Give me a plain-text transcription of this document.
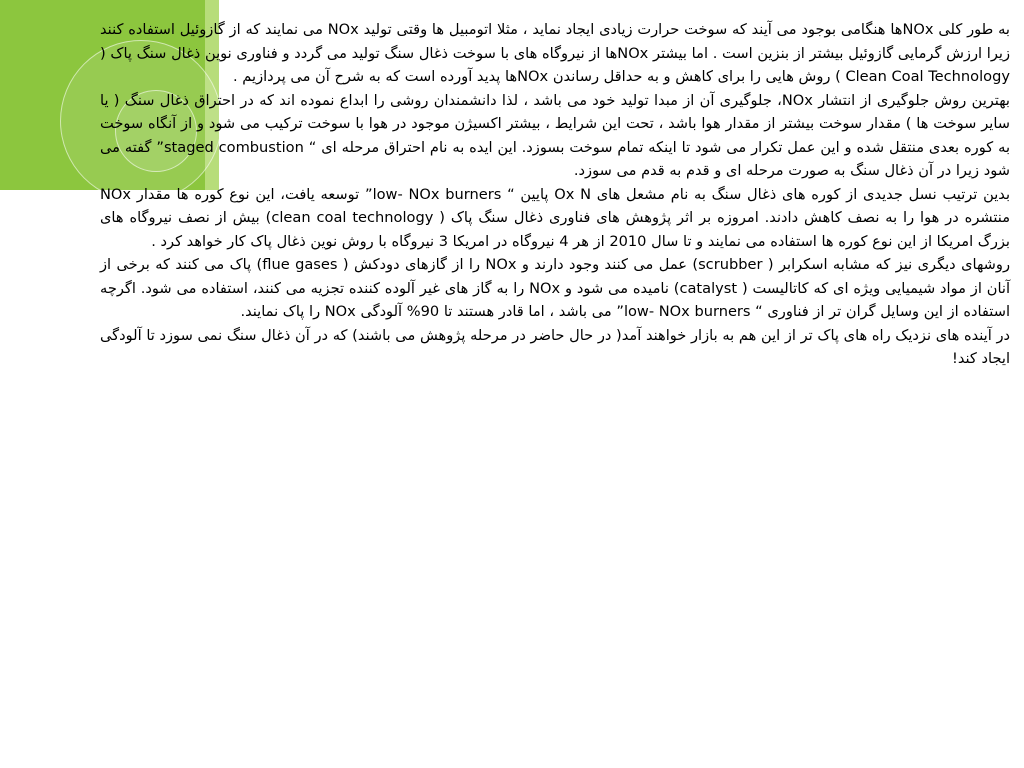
به طور کلی NOxها هنگامی بوجود می آیند که سوخت حرارت زیادی ایجاد نماید ، مثلا اتومبیل ها وقتی تولید NOx می نمایند که از گازوئیل استفاده کنند زیرا ارزش گرمایی گازوئیل بیشتر از بنزین است . اما بیشتر NOxها از نیروگاه های با سوخت ذغال سنگ تولید می گردد و فناوری نوین ذغال سنگ پاک ( Clean Coal Technology ) روش هایی را برای کاهش و به حداقل رساندن NOxها پدید آورده است که به شرح آن می پردازیم .

بهترین روش جلوگیری از انتشار NOx، جلوگیری آن از مبدا تولید خود می باشد ، لذا دانشمندان روشی را ابداع نموده اند که در احتراق ذغال سنگ ( یا سایر سوخت ها ) مقدار سوخت بیشتر از مقدار هوا باشد ، تحت این شرایط ، بیشتر اکسیژن موجود در هوا با سوخت ترکیب می شود و از آنگاه سوخت به کوره بعدی منتقل شده و این عمل تکرار می شود تا اینکه تمام سوخت بسوزد. این ایده به نام احتراق مرحله ای “ staged combustion” گفته می شود زیرا در آن ذغال سنگ به صورت مرحله ای و قدم به قدم می سوزد.

بدین ترتیب نسل جدیدی از کوره های ذغال سنگ به نام مشعل های Ox N پایین “ low- NOx burners” توسعه یافت، این نوع کوره ها مقدار NOx منتشره در هوا را به نصف کاهش دادند. امروزه بر اثر پژوهش های فناوری ذغال سنگ پاک ( clean coal technology) بیش از نصف نیروگاه های بزرگ امریکا از این نوع کوره ها استفاده می نمایند و تا سال 2010 از هر 4 نیروگاه در امریکا 3 نیروگاه با روش نوین ذغال پاک کار خواهد کرد .

روشهای دیگری نیز که مشابه اسکرابر ( scrubber) عمل می کنند وجود دارند و NOx را از گازهای دودکش ( flue gases) پاک می کنند که برخی از آنان از مواد شیمیایی ویژه ای که کاتالیست ( catalyst) نامیده می شود و NOx را به گاز های غیر آلوده کننده تجزیه می کنند، استفاده می شود. اگرچه استفاده از این وسایل گران تر از فناوری “ low- NOx burners” می باشد ، اما قادر هستند تا 90% آلودگی NOx را پاک نمایند.

در آینده های نزدیک راه های پاک تر از این هم به بازار خواهند آمد( در حال حاضر در مرحله پژوهش می باشند) که در آن ذغال سنگ نمی سوزد تا آلودگی ایجاد کند!
